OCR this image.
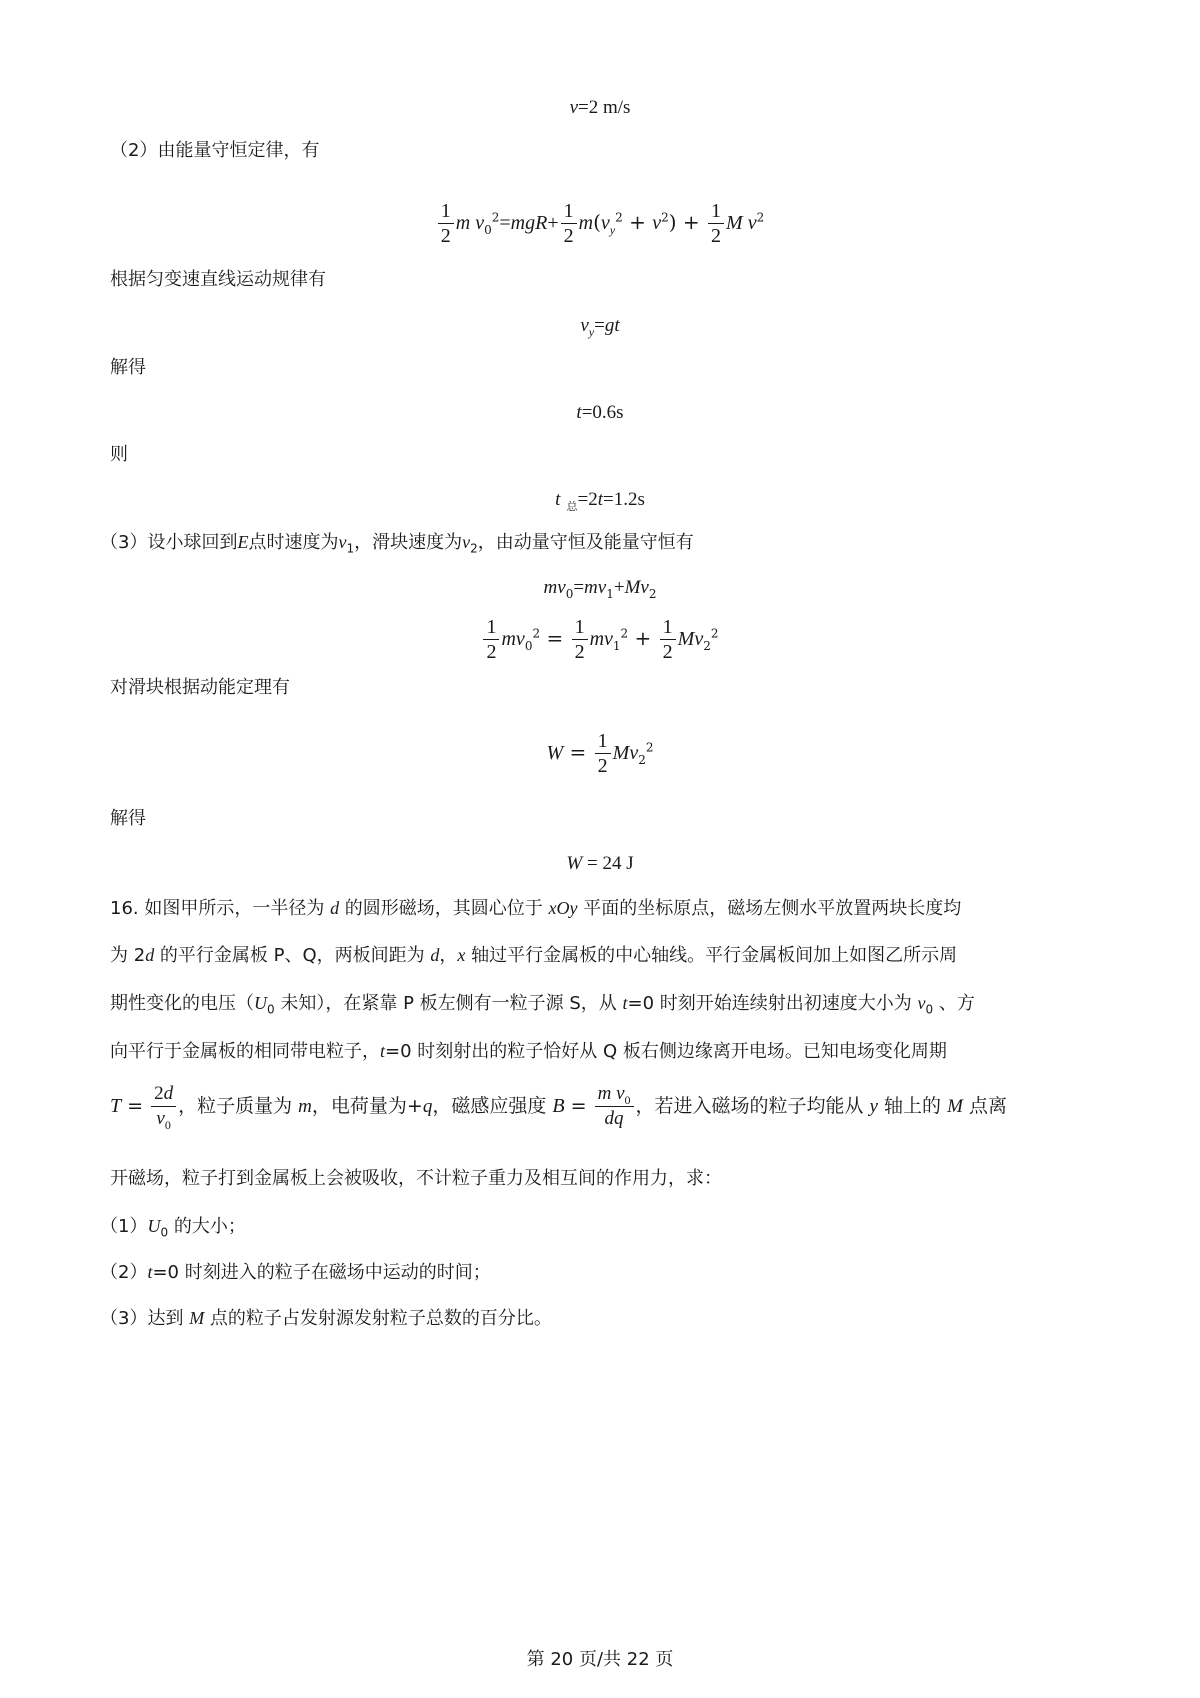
v=2 m/s
（2）由能量守恒定律，有
$\frac{1}{2}$ m $v_0^2=mgR+ \frac{1}{2} m(v_y^2 + v^2) + \frac{1}{2}$ M $v^2$
根据匀变速直线运动规律有
$v_y=gt$
解得
t=0.6s
则
t $_总$=2t=1.2s
（3）设小球回到E点时速度为$v_1$，滑块速度为$v_2$，由动量守恒及能量守恒有
$mv_0=mv_1+Mv_2$
$\frac{1}{2} mv_0^2 = \frac{1}{2} mv_1^2 + \frac{1}{2} Mv_2^2$
对滑块根据动能定理有
$W = \frac{1}{2} Mv_2^2$
解得
W = 24 J
16. 如图甲所示，一半径为 d 的圆形磁场，其圆心位于 xOy 平面的坐标原点，磁场左侧水平放置两块长度均
为 2d 的平行金属板 P、Q，两板间距为 d，x 轴过平行金属板的中心轴线。平行金属板间加上如图乙所示周
期性变化的电压（$U_0$ 未知），在紧靠 P 板左侧有一粒子源 S，从 t=0 时刻开始连续射出初速度大小为 $v_0$ 、方
向平行于金属板的相同带电粒子，t=0 时刻射出的粒子恰好从 Q 板右侧边缘离开电场。已知电场变化周期
$T = \frac{2d}{v_0}$ ，粒子质量为 m，电荷量为+q，磁感应强度 $B = \frac{m v_0}{dq}$ ，若进入磁场的粒子均能从 y 轴上的 M 点离
开磁场，粒子打到金属板上会被吸收，不计粒子重力及相互间的作用力，求：
$(1)U_0$ 的大小；
（2）t=0 时刻进入的粒子在磁场中运动的时间；
（3）达到 M 点的粒子占发射源发射粒子总数的百分比。
第 20 页/共 22 页
